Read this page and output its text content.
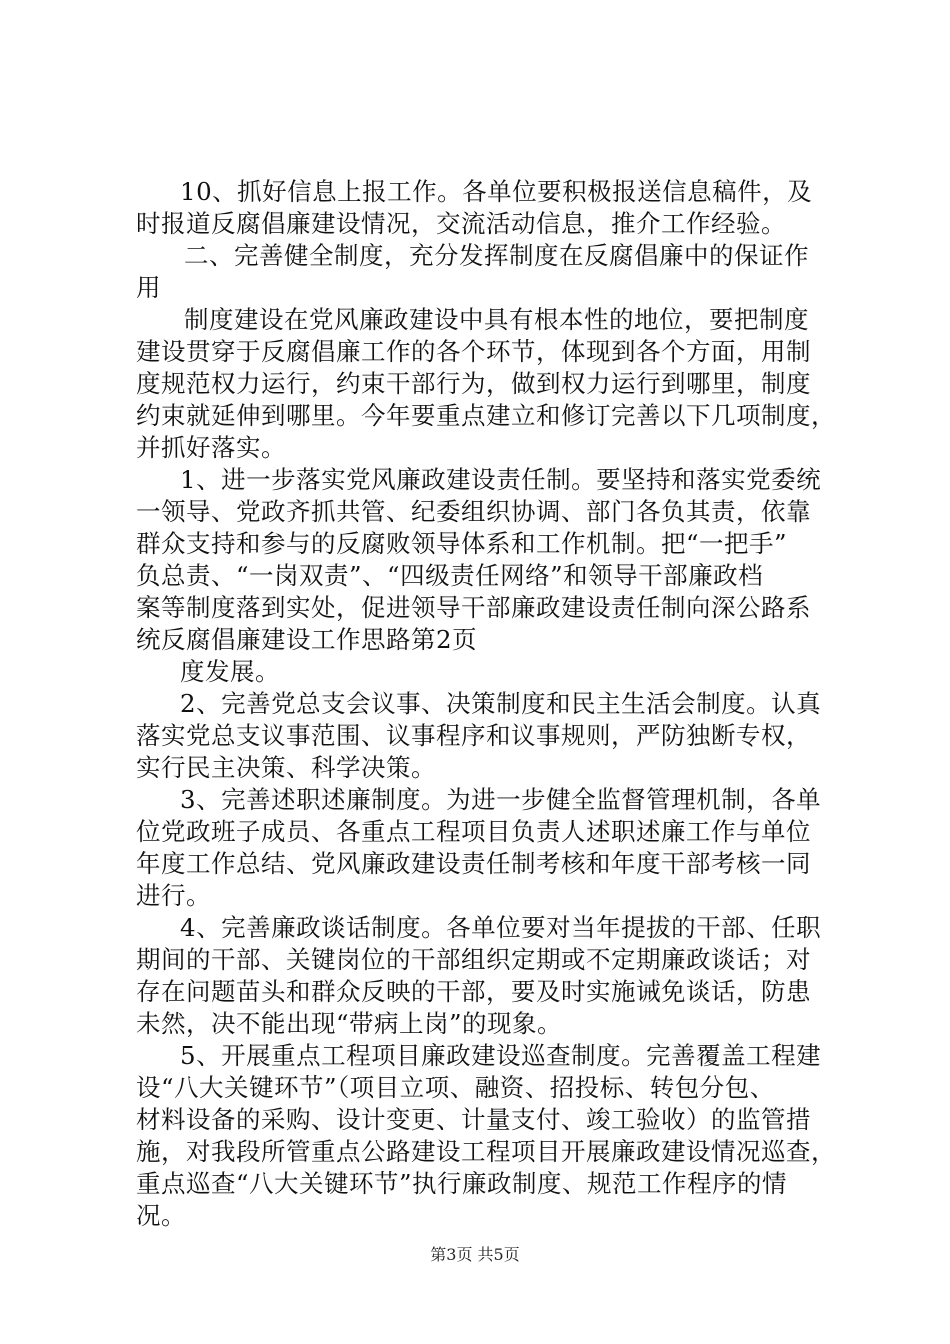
10、抓好信息上报工作。各单位要积极报送信息稿件，及
时报道反腐倡廉建设情况，交流活动信息，推介工作经验。
二、完善健全制度，充分发挥制度在反腐倡廉中的保证作
用
制度建设在党风廉政建设中具有根本性的地位，要把制度
建设贯穿于反腐倡廉工作的各个环节，体现到各个方面，用制
度规范权力运行，约束干部行为，做到权力运行到哪里，制度
约束就延伸到哪里。今年要重点建立和修订完善以下几项制度，
并抓好落实。
1、进一步落实党风廉政建设责任制。要坚持和落实党委统
一领导、党政齐抓共管、纪委组织协调、部门各负其责，依靠
群众支持和参与的反腐败领导体系和工作机制。把“一把手”
负总责、“一岗双责”、“四级责任网络”和领导干部廉政档
案等制度落到实处，促进领导干部廉政建设责任制向深公路系
统反腐倡廉建设工作思路第2页
度发展。
2、完善党总支会议事、决策制度和民主生活会制度。认真
落实党总支议事范围、议事程序和议事规则，严防独断专权，
实行民主决策、科学决策。
3、完善述职述廉制度。为进一步健全监督管理机制，各单
位党政班子成员、各重点工程项目负责人述职述廉工作与单位
年度工作总结、党风廉政建设责任制考核和年度干部考核一同
进行。
4、完善廉政谈话制度。各单位要对当年提拔的干部、任职
期间的干部、关键岗位的干部组织定期或不定期廉政谈话；对
存在问题苗头和群众反映的干部，要及时实施诫免谈话，防患
未然，决不能出现“带病上岗”的现象。
5、开展重点工程项目廉政建设巡查制度。完善覆盖工程建
设“八大关键环节”（项目立项、融资、招投标、转包分包、
材料设备的采购、设计变更、计量支付、竣工验收）的监管措
施，对我段所管重点公路建设工程项目开展廉政建设情况巡查，
重点巡查“八大关键环节”执行廉政制度、规范工作程序的情
况。
第3页 共5页
